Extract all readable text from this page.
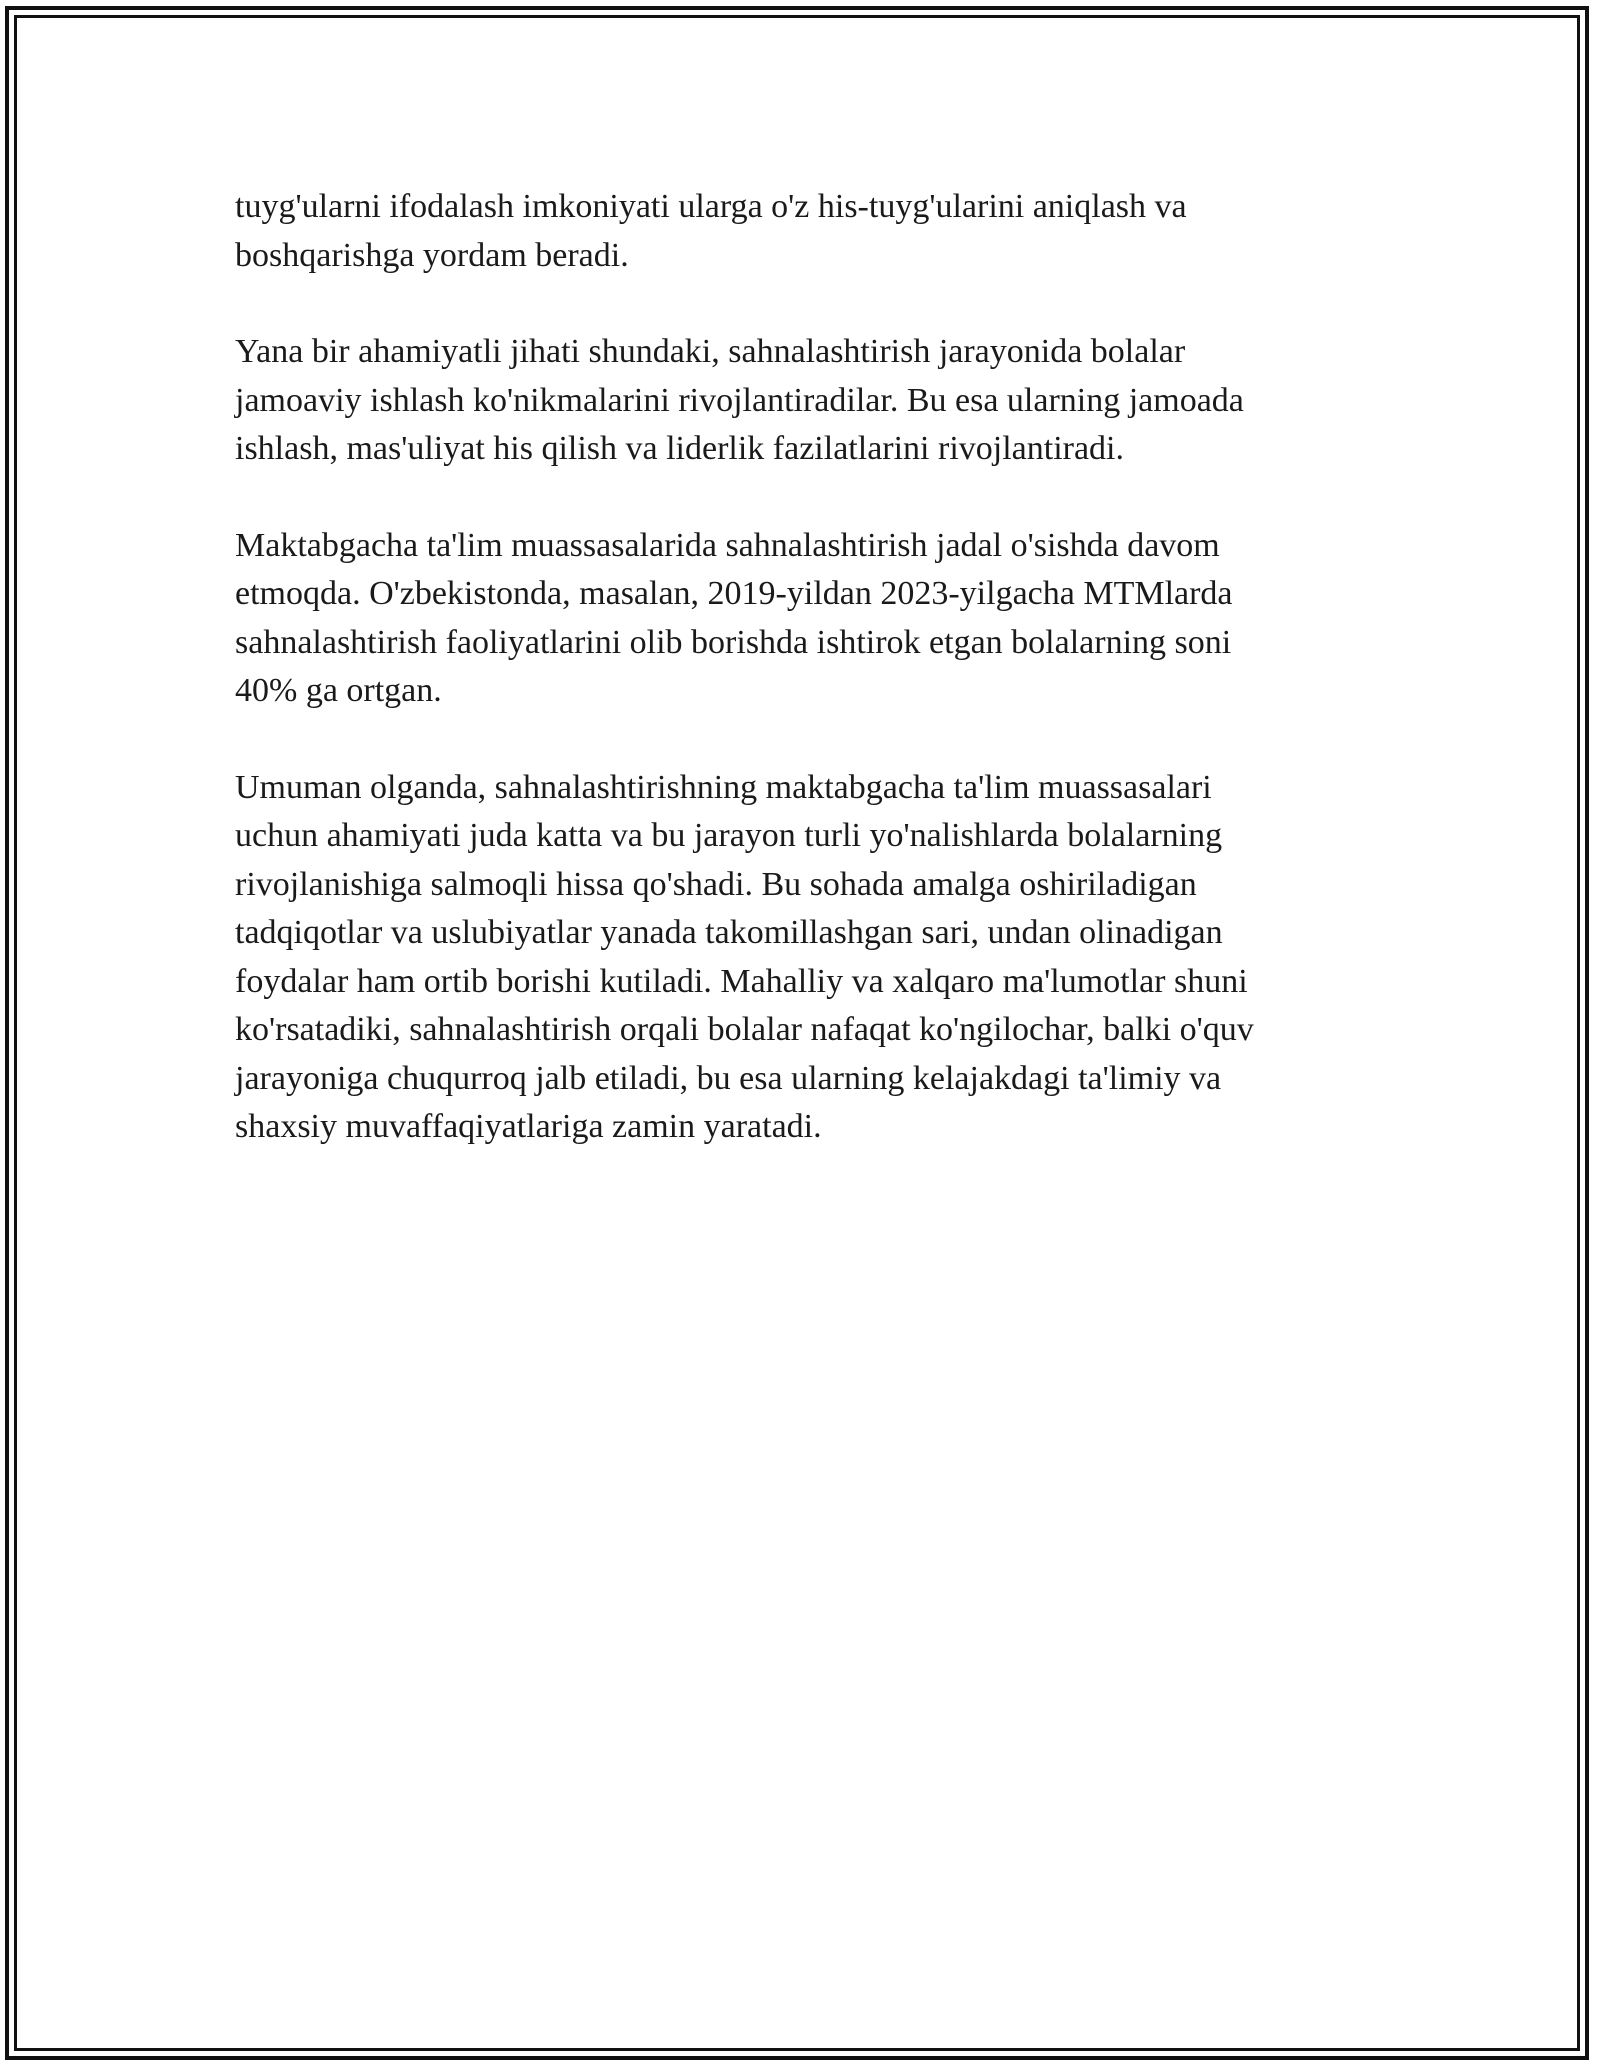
tuyg'ularni ifodalash imkoniyati ularga o'z his-tuyg'ularini aniqlash va
boshqarishga yordam beradi.

Yana bir ahamiyatli jihati shundaki, sahnalashtirish jarayonida bolalar
jamoaviy ishlash ko'nikmalarini rivojlantiradilar. Bu esa ularning jamoada
ishlash, mas'uliyat his qilish va liderlik fazilatlarini rivojlantiradi.

Maktabgacha ta'lim muassasalarida sahnalashtirish jadal o'sishda davom
etmoqda. O'zbekistonda, masalan, 2019-yildan 2023-yilgacha MTMlarda
sahnalashtirish faoliyatlarini olib borishda ishtirok etgan bolalarning soni
40% ga ortgan.

Umuman olganda, sahnalashtirishning maktabgacha ta'lim muassasalari
uchun ahamiyati juda katta va bu jarayon turli yo'nalishlarda bolalarning
rivojlanishiga salmoqli hissa qo'shadi. Bu sohada amalga oshiriladigan
tadqiqotlar va uslubiyatlar yanada takomillashgan sari, undan olinadigan
foydalar ham ortib borishi kutiladi. Mahalliy va xalqaro ma'lumotlar shuni
ko'rsatadiki, sahnalashtirish orqali bolalar nafaqat ko'ngilochar, balki o'quv
jarayoniga chuqurroq jalb etiladi, bu esa ularning kelajakdagi ta'limiy va
shaxsiy muvaffaqiyatlariga zamin yaratadi.
